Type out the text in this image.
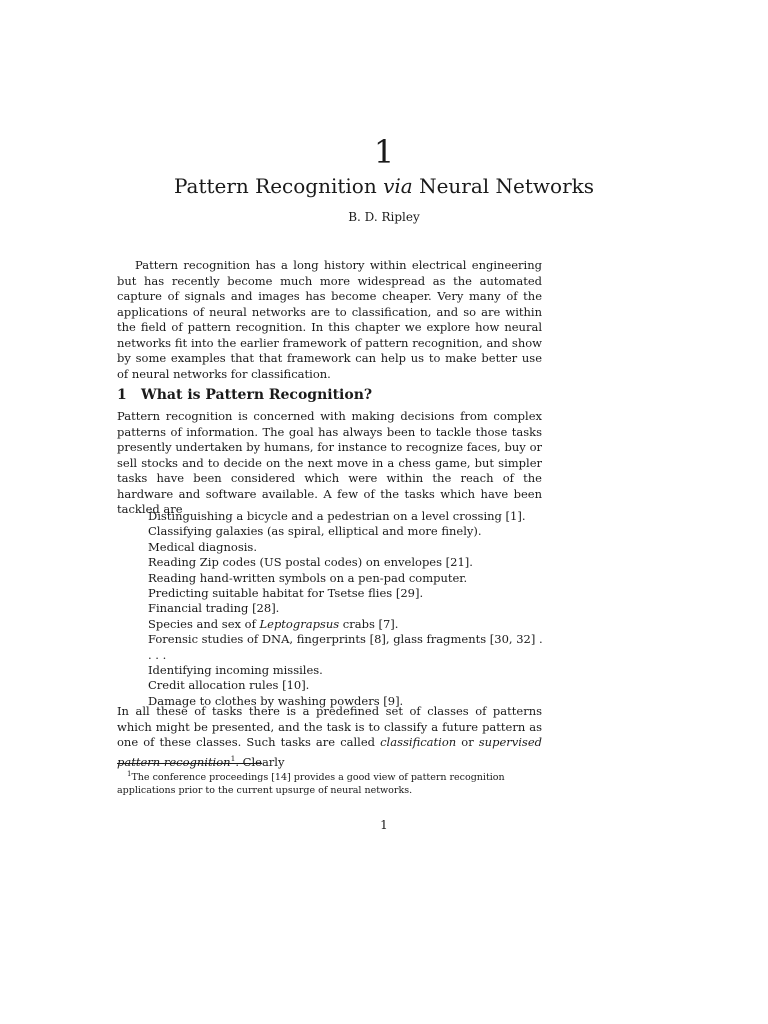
1
Pattern Recognition via Neural Networks
B. D. Ripley

Pattern recognition has a long history within electrical engineering but has recently become much more widespread as the automated capture of signals and images has become cheaper. Very many of the applications of neural networks are to classification, and so are within the field of pattern recognition. In this chapter we explore how neural networks fit into the earlier framework of pattern recognition, and show by some examples that that framework can help us to make better use of neural networks for classification.

1 What is Pattern Recognition?

Pattern recognition is concerned with making decisions from complex patterns of information. The goal has always been to tackle those tasks presently undertaken by humans, for instance to recognize faces, buy or sell stocks and to decide on the next move in a chess game, but simpler tasks have been considered which were within the reach of the hardware and software available. A few of the tasks which have been tackled are

Distinguishing a bicycle and a pedestrian on a level crossing [1].
Classifying galaxies (as spiral, elliptical and more finely).
Medical diagnosis.
Reading Zip codes (US postal codes) on envelopes [21].
Reading hand-written symbols on a pen-pad computer.
Predicting suitable habitat for Tsetse flies [29].
Financial trading [28].
Species and sex of Leptograpsus crabs [7].
Forensic studies of DNA, fingerprints [8], glass fragments [30, 32] . . . .
Identifying incoming missiles.
Credit allocation rules [10].
Damage to clothes by washing powders [9].

In all these of tasks there is a predefined set of classes of patterns which might be presented, and the task is to classify a future pattern as one of these classes. Such tasks are called classification or supervised pattern recognition$^1$. Clearly

$^1$The conference proceedings [14] provides a good view of pattern recognition applications prior to the current upsurge of neural networks.

1
